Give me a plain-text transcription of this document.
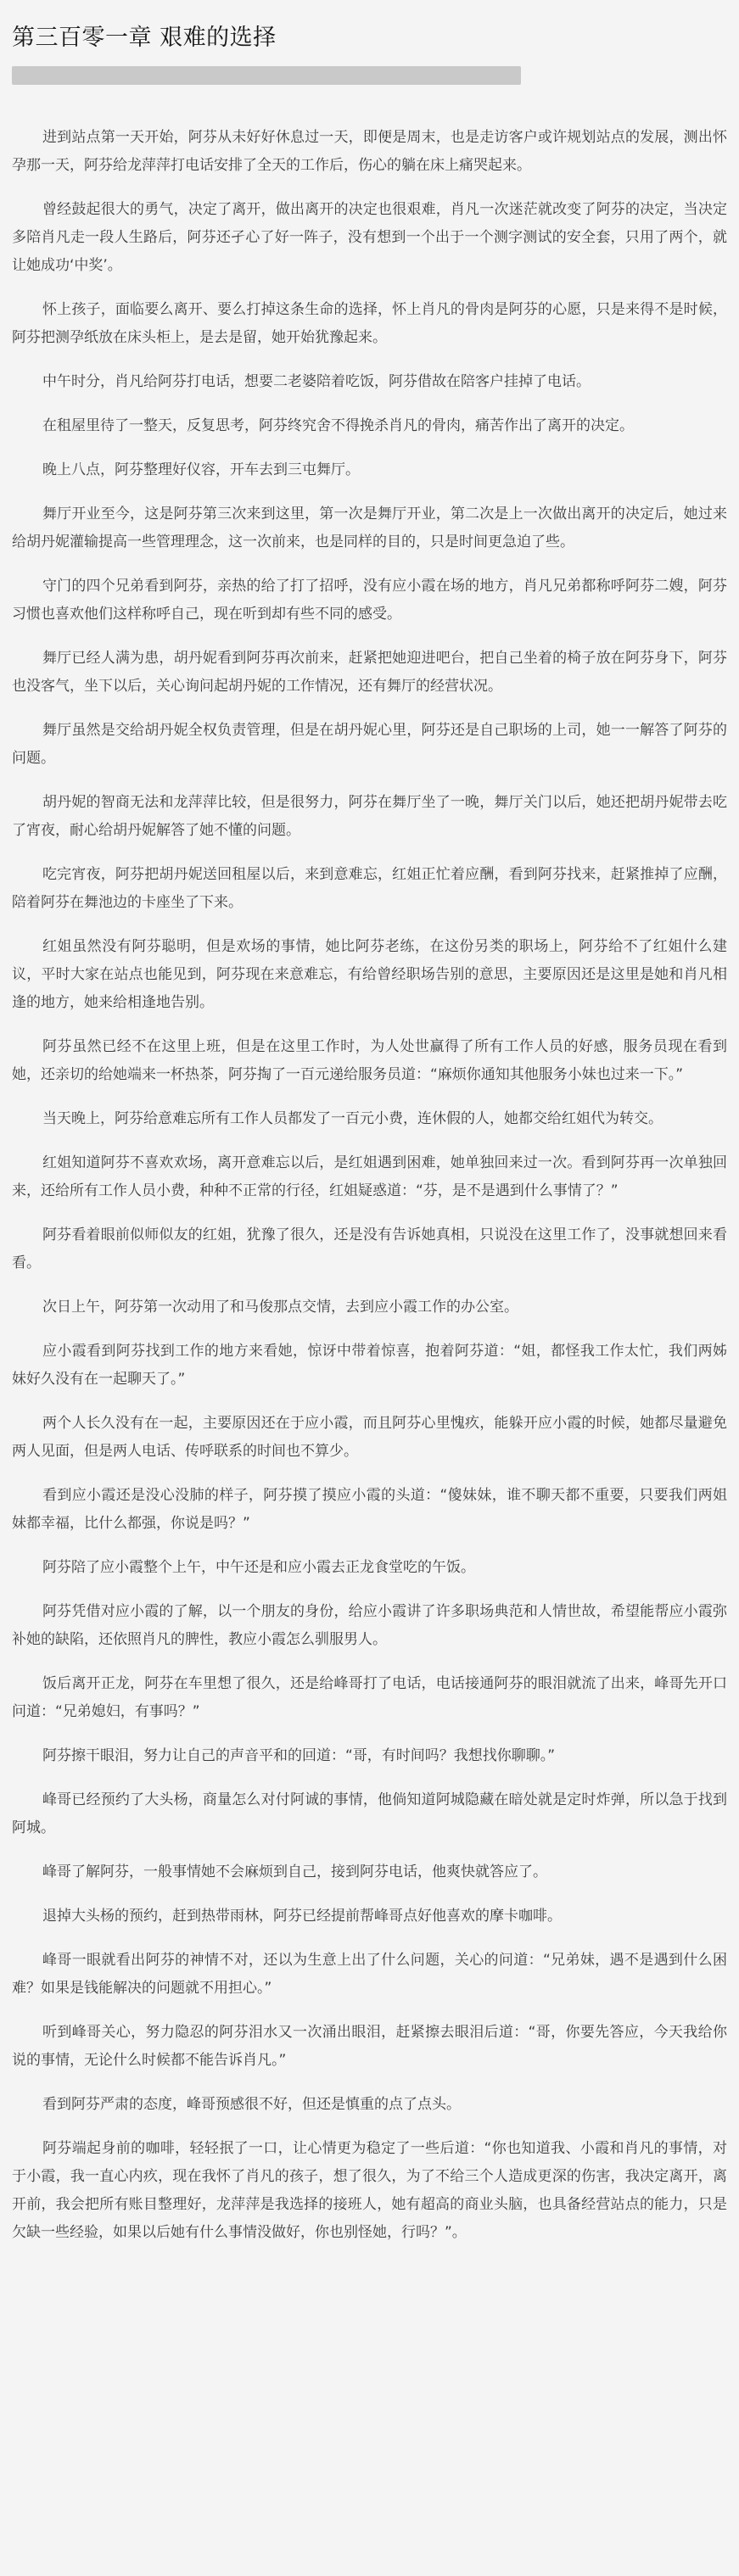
第三百零一章 艰难的选择

进到站点第一天开始，阿芬从未好好休息过一天，即便是周末，也是走访客户或许规划站点的发展，测出怀孕那一天，阿芬给龙萍萍打电话安排了全天的工作后，伤心的躺在床上痛哭起来。

曾经鼓起很大的勇气，决定了离开，做出离开的决定也很艰难，肖凡一次迷茫就改变了阿芬的决定，当决定多陪肖凡走一段人生路后，阿芬还孑心了好一阵子，没有想到一个出于一个测字测试的安全套，只用了两个，就让她成功‘中奖’。

怀上孩子，面临要么离开、要么打掉这条生命的选择，怀上肖凡的骨肉是阿芬的心愿，只是来得不是时候，阿芬把测孕纸放在床头柜上，是去是留，她开始犹豫起来。

中午时分，肖凡给阿芬打电话，想要二老婆陪着吃饭，阿芬借故在陪客户挂掉了电话。

在租屋里待了一整天，反复思考，阿芬终究舍不得挽杀肖凡的骨肉，痛苦作出了离开的决定。

晚上八点，阿芬整理好仪容，开车去到三屯舞厅。

舞厅开业至今，这是阿芬第三次来到这里，第一次是舞厅开业，第二次是上一次做出离开的决定后，她过来给胡丹妮灌输提高一些管理理念，这一次前来，也是同样的目的，只是时间更急迫了些。

守门的四个兄弟看到阿芬，亲热的给了打了招呼，没有应小霞在场的地方，肖凡兄弟都称呼阿芬二嫂，阿芬习惯也喜欢他们这样称呼自己，现在听到却有些不同的感受。

舞厅已经人满为患，胡丹妮看到阿芬再次前来，赶紧把她迎进吧台，把自己坐着的椅子放在阿芬身下，阿芬也没客气，坐下以后，关心询问起胡丹妮的工作情况，还有舞厅的经营状况。

舞厅虽然是交给胡丹妮全权负责管理，但是在胡丹妮心里，阿芬还是自己职场的上司，她一一解答了阿芬的问题。

胡丹妮的智商无法和龙萍萍比较，但是很努力，阿芬在舞厅坐了一晚，舞厅关门以后，她还把胡丹妮带去吃了宵夜，耐心给胡丹妮解答了她不懂的问题。

吃完宵夜，阿芬把胡丹妮送回租屋以后，来到意难忘，红姐正忙着应酬，看到阿芬找来，赶紧推掉了应酬，陪着阿芬在舞池边的卡座坐了下来。

红姐虽然没有阿芬聪明，但是欢场的事情，她比阿芬老练，在这份另类的职场上，阿芬给不了红姐什么建议，平时大家在站点也能见到，阿芬现在来意难忘，有给曾经职场告别的意思，主要原因还是这里是她和肖凡相逢的地方，她来给相逢地告别。

阿芬虽然已经不在这里上班，但是在这里工作时，为人处世赢得了所有工作人员的好感，服务员现在看到她，还亲切的给她端来一杯热茶，阿芬掏了一百元递给服务员道：“麻烦你通知其他服务小妹也过来一下。”

当天晚上，阿芬给意难忘所有工作人员都发了一百元小费，连休假的人，她都交给红姐代为转交。

红姐知道阿芬不喜欢欢场，离开意难忘以后，是红姐遇到困难，她单独回来过一次。看到阿芬再一次单独回来，还给所有工作人员小费，种种不正常的行径，红姐疑惑道：“芬，是不是遇到什么事情了？”

阿芬看着眼前似师似友的红姐，犹豫了很久，还是没有告诉她真相，只说没在这里工作了，没事就想回来看看。

次日上午，阿芬第一次动用了和马俊那点交情，去到应小霞工作的办公室。

应小霞看到阿芬找到工作的地方来看她，惊讶中带着惊喜，抱着阿芬道：“姐，都怪我工作太忙，我们两姊妹好久没有在一起聊天了。”

两个人长久没有在一起，主要原因还在于应小霞，而且阿芬心里愧疚，能躲开应小霞的时候，她都尽量避免两人见面，但是两人电话、传呼联系的时间也不算少。

看到应小霞还是没心没肺的样子，阿芬摸了摸应小霞的头道：“傻妹妹，谁不聊天都不重要，只要我们两姐妹都幸福，比什么都强，你说是吗？”

阿芬陪了应小霞整个上午，中午还是和应小霞去正龙食堂吃的午饭。

阿芬凭借对应小霞的了解，以一个朋友的身份，给应小霞讲了许多职场典范和人情世故，希望能帮应小霞弥补她的缺陷，还依照肖凡的脾性，教应小霞怎么驯服男人。

饭后离开正龙，阿芬在车里想了很久，还是给峰哥打了电话，电话接通阿芬的眼泪就流了出来，峰哥先开口问道：“兄弟媳妇，有事吗？”

阿芬擦干眼泪，努力让自己的声音平和的回道：“哥，有时间吗？我想找你聊聊。”

峰哥已经预约了大头杨，商量怎么对付阿诚的事情，他倘知道阿城隐藏在暗处就是定时炸弹，所以急于找到阿城。

峰哥了解阿芬，一般事情她不会麻烦到自己，接到阿芬电话，他爽快就答应了。

退掉大头杨的预约，赶到热带雨林，阿芬已经提前帮峰哥点好他喜欢的摩卡咖啡。

峰哥一眼就看出阿芬的神情不对，还以为生意上出了什么问题，关心的问道：“兄弟妹，遇不是遇到什么困难？如果是钱能解决的问题就不用担心。”

听到峰哥关心，努力隐忍的阿芬泪水又一次涌出眼泪，赶紧擦去眼泪后道：“哥，你要先答应，今天我给你说的事情，无论什么时候都不能告诉肖凡。”

看到阿芬严肃的态度，峰哥预感很不好，但还是慎重的点了点头。

阿芬端起身前的咖啡，轻轻抿了一口，让心情更为稳定了一些后道：“你也知道我、小霞和肖凡的事情，对于小霞，我一直心内疚，现在我怀了肖凡的孩子，想了很久，为了不给三个人造成更深的伤害，我决定离开，离开前，我会把所有账目整理好，龙萍萍是我选择的接班人，她有超高的商业头脑，也具备经营站点的能力，只是欠缺一些经验，如果以后她有什么事情没做好，你也别怪她，行吗？”。
